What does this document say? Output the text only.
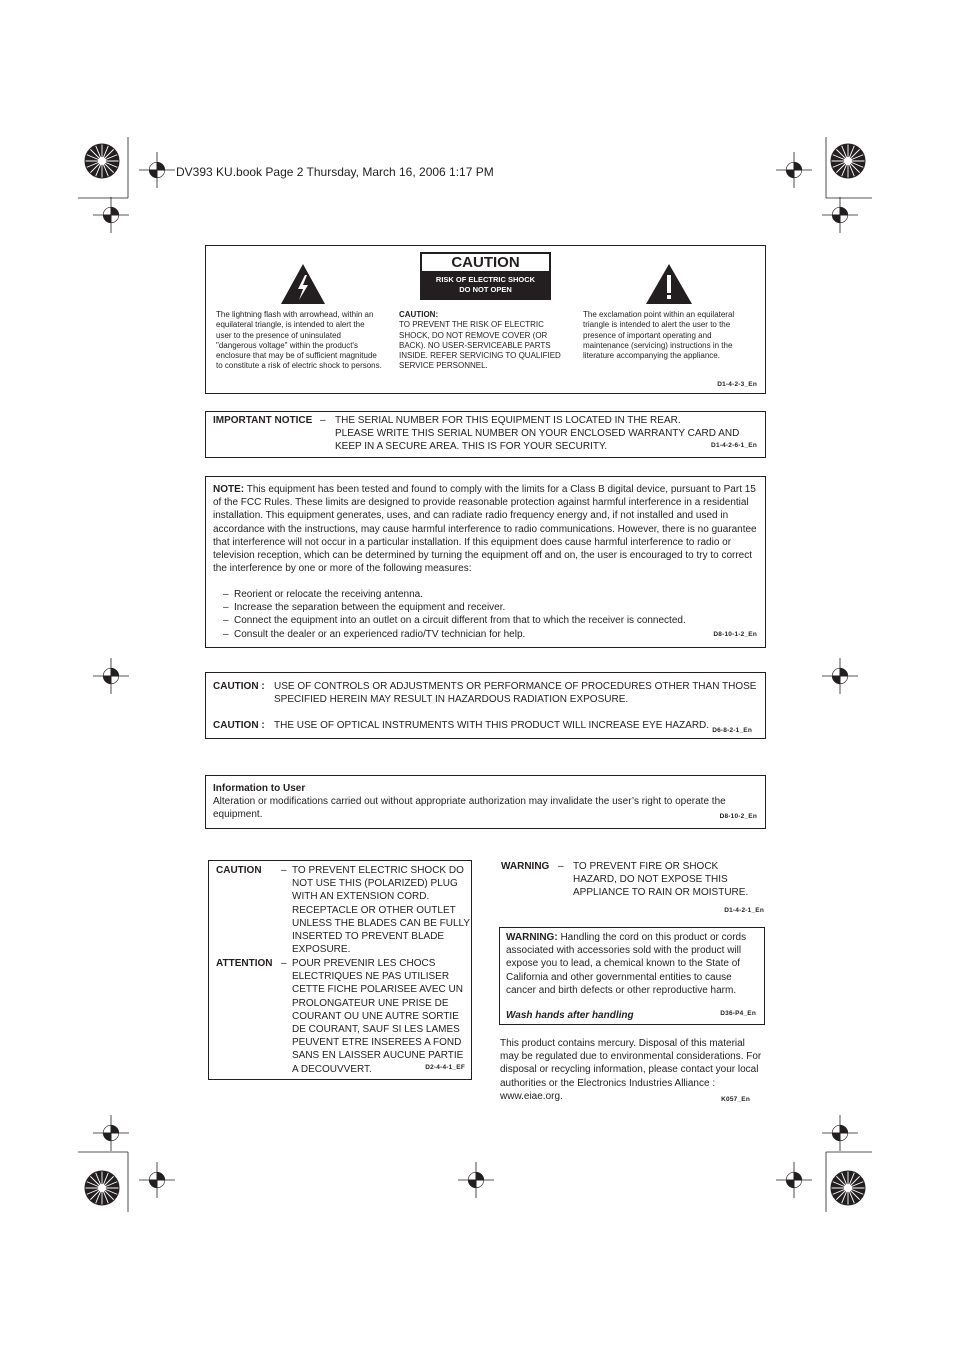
DV393 KU.book Page 2 Thursday, March 16, 2006 1:17 PM
CAUTION
RISK OF ELECTRIC SHOCK
DO NOT OPEN
The lightning flash with arrowhead, within an equilateral triangle, is intended to alert the user to the presence of uninsulated "dangerous voltage" within the product's enclosure that may be of sufficient magnitude to constitute a risk of electric shock to persons.
CAUTION:
TO PREVENT THE RISK OF ELECTRIC SHOCK, DO NOT REMOVE COVER (OR BACK). NO USER-SERVICEABLE PARTS INSIDE. REFER SERVICING TO QUALIFIED SERVICE PERSONNEL.
The exclamation point within an equilateral triangle is intended to alert the user to the presence of important operating and maintenance (servicing) instructions in the literature accompanying the appliance.
D1-4-2-3_En
IMPORTANT NOTICE – THE SERIAL NUMBER FOR THIS EQUIPMENT IS LOCATED IN THE REAR.
PLEASE WRITE THIS SERIAL NUMBER ON YOUR ENCLOSED WARRANTY CARD AND
KEEP IN A SECURE AREA. THIS IS FOR YOUR SECURITY.	D1-4-2-6-1_En
NOTE: This equipment has been tested and found to comply with the limits for a Class B digital device, pursuant to Part 15 of the FCC Rules. These limits are designed to provide reasonable protection against harmful interference in a residential installation. This equipment generates, uses, and can radiate radio frequency energy and, if not installed and used in accordance with the instructions, may cause harmful interference to radio communications. However, there is no guarantee that interference will not occur in a particular installation. If this equipment does cause harmful interference to radio or television reception, which can be determined by turning the equipment off and on, the user is encouraged to try to correct the interference by one or more of the following measures:
– Reorient or relocate the receiving antenna.
– Increase the separation between the equipment and receiver.
– Connect the equipment into an outlet on a circuit different from that to which the receiver is connected.
– Consult the dealer or an experienced radio/TV technician for help.	D8-10-1-2_En
CAUTION : USE OF CONTROLS OR ADJUSTMENTS OR PERFORMANCE OF PROCEDURES OTHER THAN THOSE
SPECIFIED HEREIN MAY RESULT IN HAZARDOUS RADIATION EXPOSURE.
CAUTION : THE USE OF OPTICAL INSTRUMENTS WITH THIS PRODUCT WILL INCREASE EYE HAZARD. D6-8-2-1_En
Information to User
Alteration or modifications carried out without appropriate authorization may invalidate the user’s right to operate the equipment.	D8-10-2_En
CAUTION – TO PREVENT ELECTRIC SHOCK DO NOT USE THIS (POLARIZED) PLUG WITH AN EXTENSION CORD. RECEPTACLE OR OTHER OUTLET UNLESS THE BLADES CAN BE FULLY INSERTED TO PREVENT BLADE EXPOSURE.
ATTENTION – POUR PREVENIR LES CHOCS ELECTRIQUES NE PAS UTILISER CETTE FICHE POLARISEE AVEC UN PROLONGATEUR UNE PRISE DE COURANT OU UNE AUTRE SORTIE DE COURANT, SAUF SI LES LAMES PEUVENT ETRE INSEREES A FOND SANS EN LAISSER AUCUNE PARTIE A DECOUVVERT.	D2-4-4-1_EF
WARNING – TO PREVENT FIRE OR SHOCK HAZARD, DO NOT EXPOSE THIS APPLIANCE TO RAIN OR MOISTURE.
D1-4-2-1_En
WARNING: Handling the cord on this product or cords associated with accessories sold with the product will expose you to lead, a chemical known to the State of California and other governmental entities to cause cancer and birth defects or other reproductive harm.
Wash hands after handling	D36-P4_En
This product contains mercury. Disposal of this material may be regulated due to environmental considerations. For disposal or recycling information, please contact your local authorities or the Electronics Industries Alliance : www.eiae.org.	K057_En
